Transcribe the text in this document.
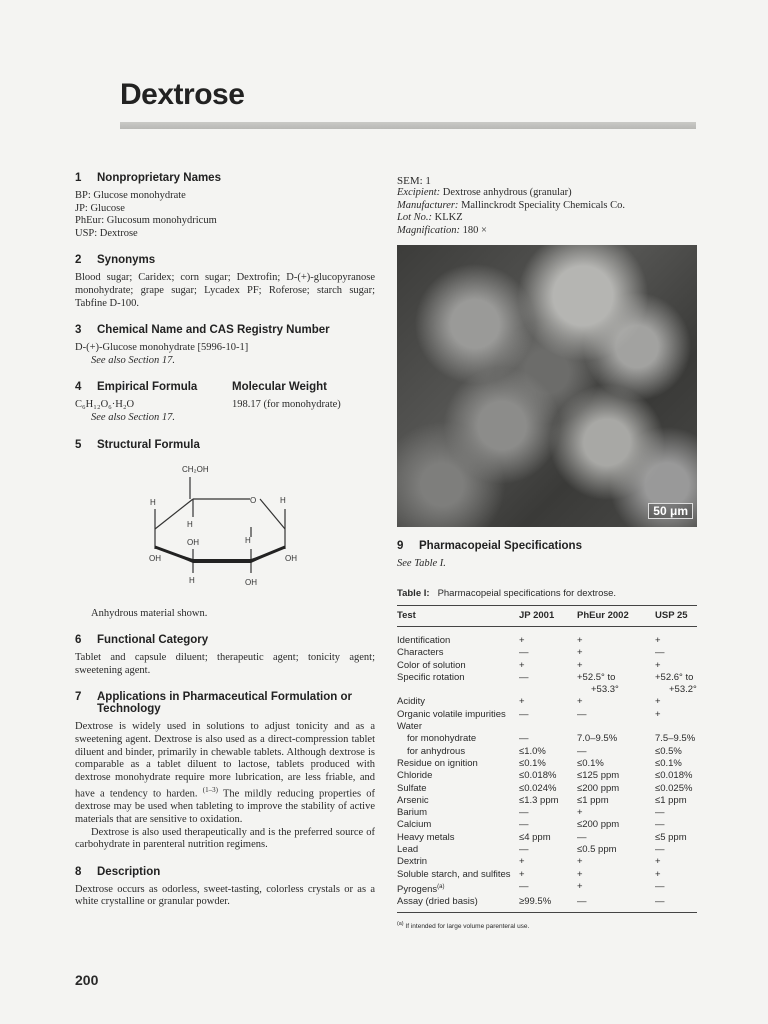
Dextrose
1	Nonproprietary Names

BP: Glucose monohydrate

JP: Glucose

PhEur: Glucosum monohydricum

USP: Dextrose

2	Synonyms
Blood sugar; Caridex; corn sugar; Dextrofin; D-(+)-glucopyranose monohydrate; grape sugar; Lycadex PF; Roferose; starch sugar; Tabfine D-100.
3	Chemical Name and CAS Registry Number

D-(+)-Glucose monohydrate [5996-10-1]

See also Section 17.

4	Empirical Formula

C₆H₁₂O₆·H₂O

See also Section 17.

Molecular Weight
198.17 (for monohydrate)
5	Structural Formula
CH₂OH
O
H	H
H
OH	H
OH	OH
H	OH
Anhydrous material shown.
6	Functional Category
Tablet and capsule diluent; therapeutic agent; tonicity agent; sweetening agent.
7	Applications in Pharmaceutical Formulation or Technology

Dextrose is widely used in solutions to adjust tonicity and as a sweetening agent. Dextrose is also used as a direct-compression tablet diluent and binder, primarily in chewable tablets. Although dextrose is comparable as a tablet diluent to lactose, tablets produced with dextrose monohydrate require more lubrication, are less friable, and have a tendency to harden. $^{(1-3)}$ The mildly reducing properties of dextrose may be used when tableting to improve the stability of active materials that are sensitive to oxidation.

Dextrose is also used therapeutically and is the preferred source of carbohydrate in parenteral nutrition regimens.

8	Description
Dextrose occurs as odorless, sweet-tasting, colorless crystals or as a white crystalline or granular powder.

SEM: 1

Excipient: Dextrose anhydrous (granular)

Manufacturer: Mallinckrodt Speciality Chemicals Co.

Lot No.: KLKZ

Magnification: 180 ×

50 μm
9	Pharmacopeial Specifications
See Table I.
Table I: Pharmacopeial specifications for dextrose.
Test	JP 2001	PhEur 2002	USP 25
Identification	+	+	+
Characters	—	+	—
Color of solution	+	+	+
Specific rotation	—	+52.5° to	+52.6° to
		+53.3°	+53.2°
Acidity	+	+	+
Organic volatile impurities	—	—	+
Water			
for monohydrate	—	7.0–9.5%	7.5–9.5%
for anhydrous	≤1.0%	—	≤0.5%
Residue on ignition	≤0.1%	≤0.1%	≤0.1%
Chloride	≤0.018%	≤125 ppm	≤0.018%
Sulfate	≤0.024%	≤200 ppm	≤0.025%
Arsenic	≤1.3 ppm	≤1 ppm	≤1 ppm
Barium	—	+	—
Calcium	—	≤200 ppm	—
Heavy metals	≤4 ppm	—	≤5 ppm
Lead	—	≤0.5 ppm	—
Dextrin	+	+	+
Soluble starch, and sulfites	+	+	+
Pyrogens$^{(a)}$	—	+	—
Assay (dried basis)	≥99.5%	—	—
$^{(a)}$ If intended for large volume parenteral use.
200
